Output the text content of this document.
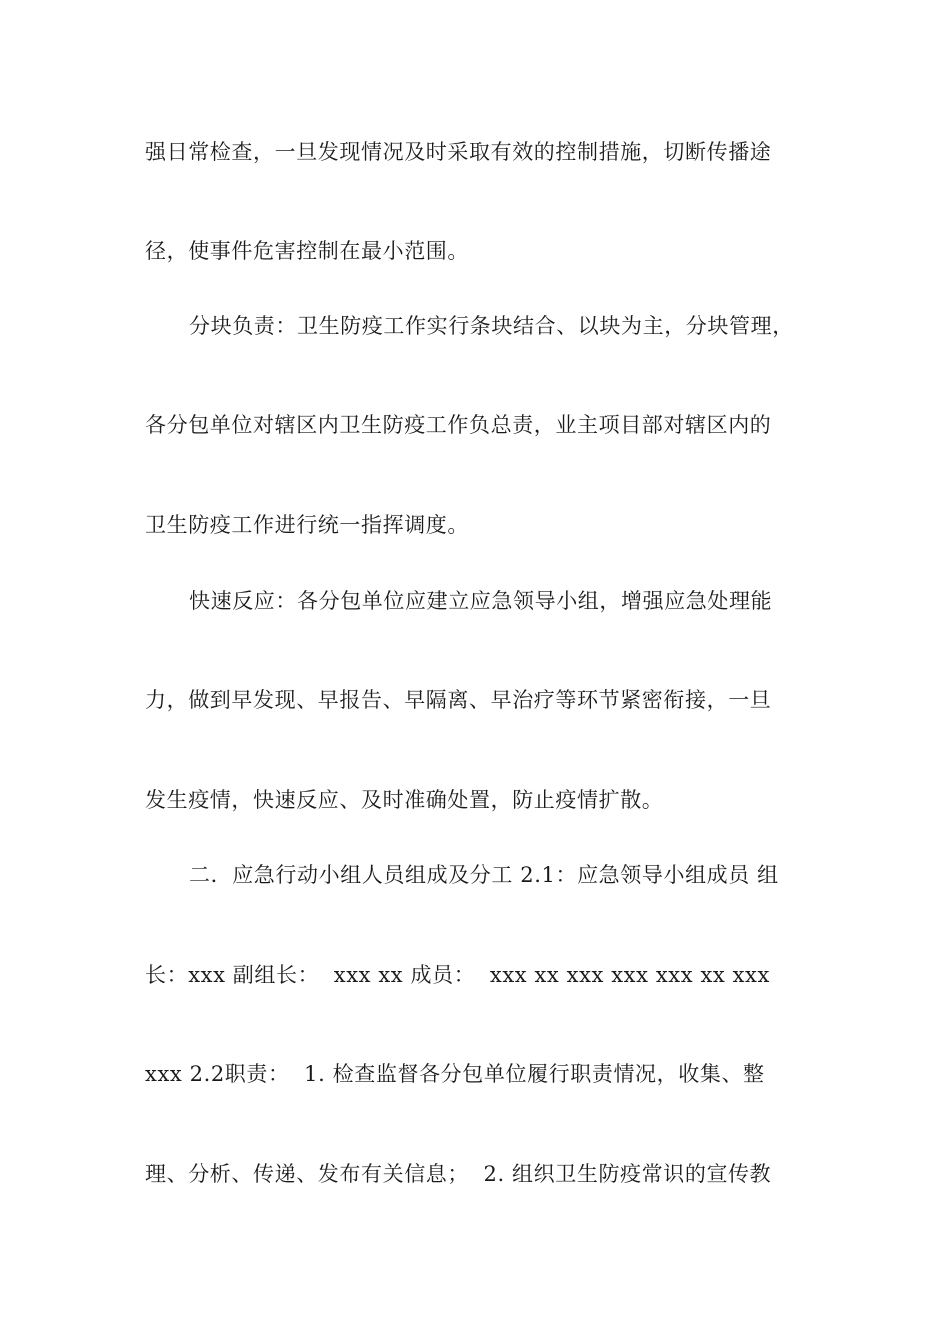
强日常检查，一旦发现情况及时采取有效的控制措施，切断传播途
径，使事件危害控制在最小范围。
分块负责：卫生防疫工作实行条块结合、以块为主，分块管理，
各分包单位对辖区内卫生防疫工作负总责，业主项目部对辖区内的
卫生防疫工作进行统一指挥调度。
快速反应：各分包单位应建立应急领导小组，增强应急处理能
力，做到早发现、早报告、早隔离、早治疗等环节紧密衔接，一旦
发生疫情，快速反应、及时准确处置，防止疫情扩散。
二．应急行动小组人员组成及分工 2.1：应急领导小组成员 组
长：xxx 副组长：  xxx xx 成员：  xxx xx xxx xxx xxx xx xxx
xxx 2.2职责：  1. 检查监督各分包单位履行职责情况，收集、整
理、分析、传递、发布有关信息；  2. 组织卫生防疫常识的宣传教
